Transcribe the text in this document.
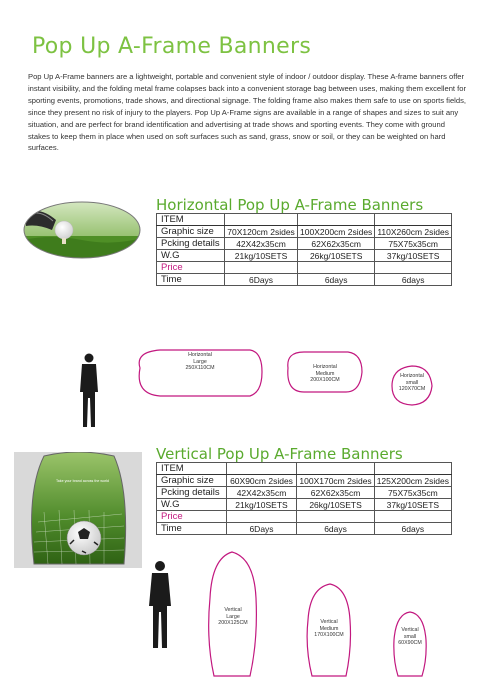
Pop Up A-Frame Banners
Pop Up A-Frame banners are a lightweight, portable and convenient style of indoor / outdoor display. These A-frame banners offer instant visibility, and the folding metal frame colapses back into a convenient storage bag between uses, making them excellent for sporting events, promotions, trade shows, and directional signage. The folding frame also makes them safe to use on sports fields, since they present no risk of injury to the players. Pop Up A-Frame signs are available in a range of shapes and sizes to suit any situation, and are perfect for brand identification and advertising at trade shows and sporting events. They come with ground stakes to keep them in place when used on soft surfaces such as sand, grass, snow or soil, or they can be weighted on hard surfaces.
Horizontal Pop Up A-Frame Banners
ITEM			
Graphic size	70X120cm 2sides	100X200cm 2sides	110X260cm 2sides
Pcking details	42X42x35cm	62X62x35cm	75X75x35cm
W.G	21kg/10SETS	26kg/10SETS	37kg/10SETS
Price			
Time	6Days	6days	6days
Horizontal
Large
250X110CM	Horizontal
Medium
200X100CM
Horizontal
small
120X70CM
Take your brand across the world
Vertical Pop Up A-Frame Banners
ITEM			
Graphic size	60X90cm 2sides	100X170cm 2sides	125X200cm 2sides
Pcking details	42X42x35cm	62X62x35cm	75X75x35cm
W.G	21kg/10SETS	26kg/10SETS	37kg/10SETS
Price			
Time	6Days	6days	6days
Vertical
Large
200X125CM	Vertical
Medium
170X100CM
Vertical
small
60X90CM
